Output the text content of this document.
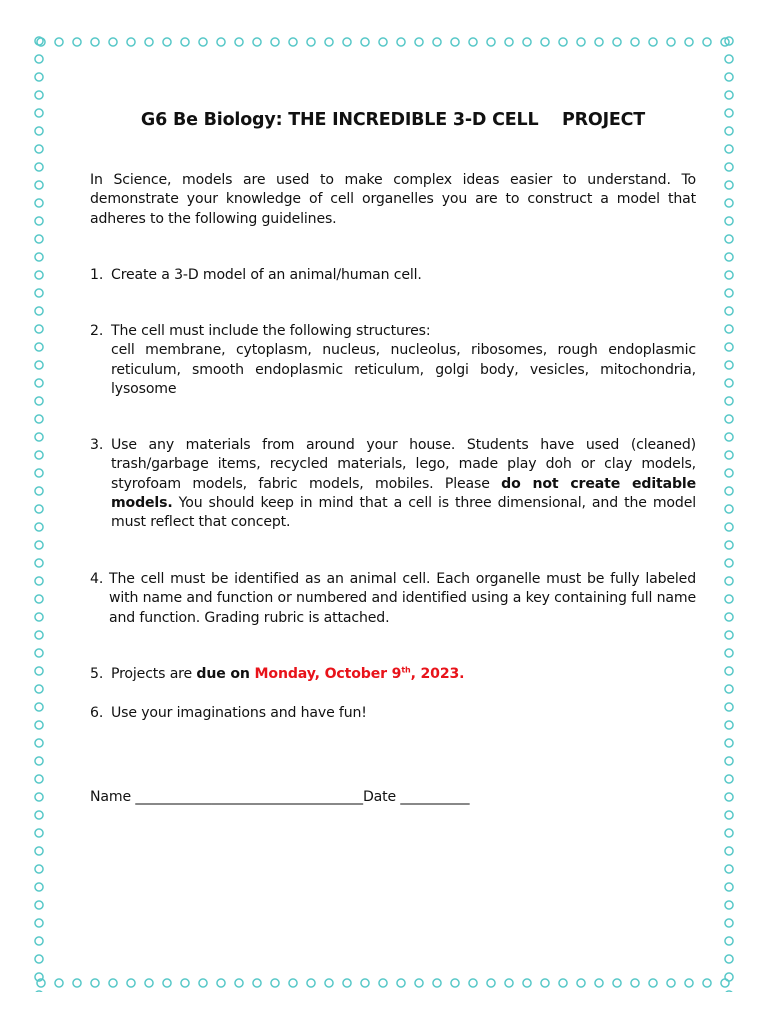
G6 Be Biology: THE INCREDIBLE 3-D CELL    PROJECT
In Science, models are used to make complex ideas easier to understand. To demonstrate your knowledge of cell organelles you are to construct a model that adheres to the following guidelines.
1. Create a 3-D model of an animal/human cell.
2. The cell must include the following structures:
cell membrane, cytoplasm, nucleus, nucleolus, ribosomes, rough endoplasmic reticulum, smooth endoplasmic reticulum, golgi body, vesicles, mitochondria, lysosome
3. Use any materials from around your house. Students have used (cleaned) trash/garbage items, recycled materials, lego, made play doh or clay models, styrofoam models, fabric models, mobiles. Please do not create editable models. You should keep in mind that a cell is three dimensional, and the model must reflect that concept.
4. The cell must be identified as an animal cell. Each organelle must be fully labeled with name and function or numbered and identified using a key containing full name and function. Grading rubric is attached.
5. Projects are due on Monday, October 9th, 2023.
6. Use your imaginations and have fun!
Name _________________________________Date __________
